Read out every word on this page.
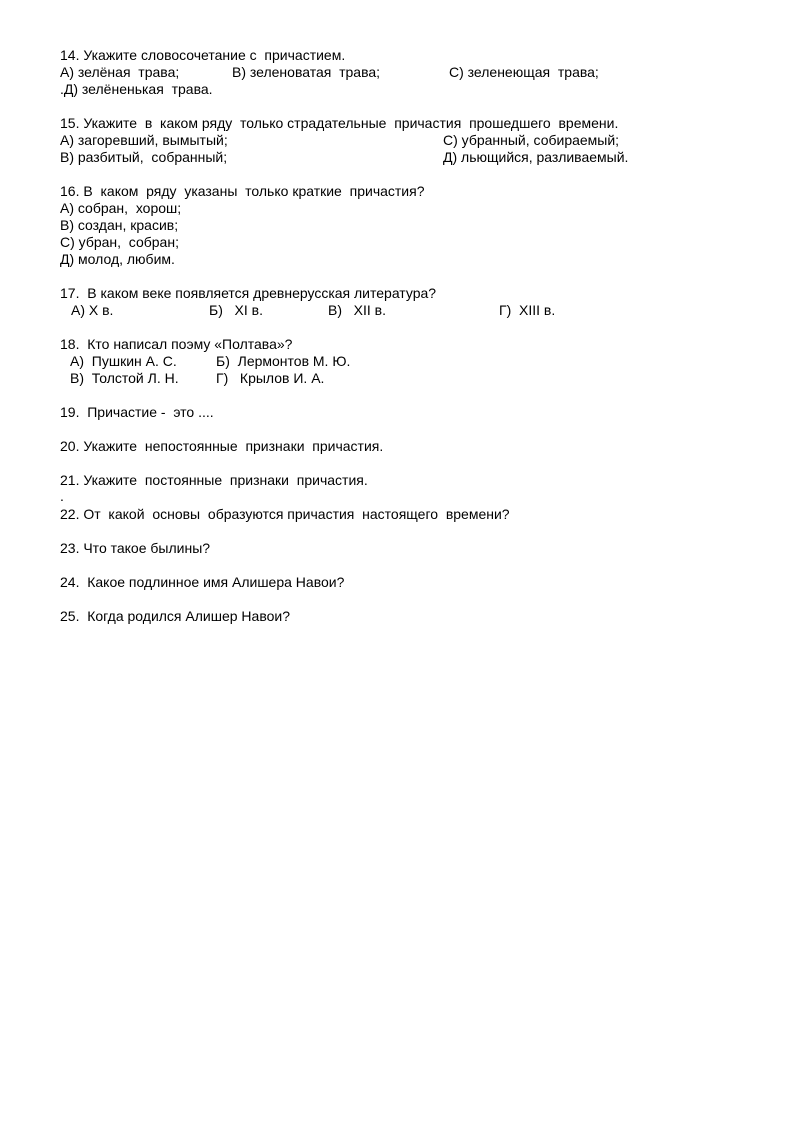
14. Укажите словосочетание с  причастием.
А) зелёная  трава;	В) зеленоватая  трава;	С) зеленеющая  трава;
.Д) зелёненькая  трава.
15. Укажите  в  каком ряду  только страдательные  причастия  прошедшего  времени.
А) загоревший, вымытый;	С) убранный, собираемый;
В) разбитый,  собранный;	Д) льющийся, разливаемый.
16. В  каком  ряду  указаны  только краткие  причастия?
А) собран,  хорош;
В) создан, красив;
С) убран,  собран;
Д) молод, любим.
17.  В каком веке появляется древнерусская литература?
А) X в.	Б)   XI в.	В)   XII в.	Г)  XIII в.
18.  Кто написал поэму «Полтава»?
А)  Пушкин А. С.	Б)  Лермонтов М. Ю.
В)  Толстой Л. Н.	Г)   Крылов И. А.
19.  Причастие -  это ....
20. Укажите  непостоянные  признаки  причастия.
21. Укажите  постоянные  признаки  причастия.
.
22. От  какой  основы  образуются причастия  настоящего  времени?
23. Что такое былины?
24.  Какое подлинное имя Алишера Навои?
25.  Когда родился Алишер Навои?
